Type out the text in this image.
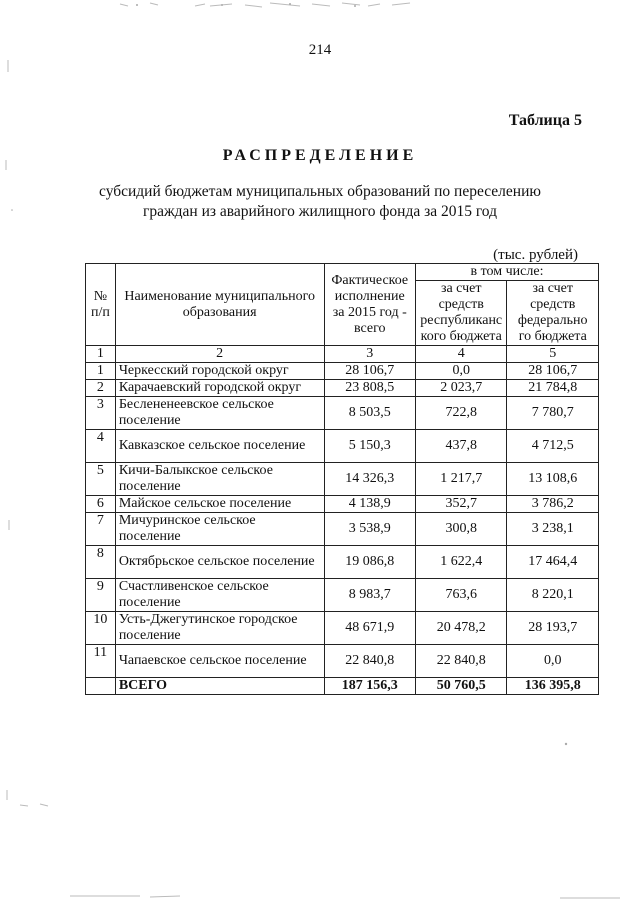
214
Таблица 5
РАСПРЕДЕЛЕНИЕ
субсидий бюджетам муниципальных образований по переселению
граждан из аварийного жилищного фонда за 2015 год
(тыс. рублей)
№ п/п	Наименование муниципального образования	Фактическое исполнение за 2015 год - всего	в том числе:	
			за счет средств республиканс кого бюджета	за счет средств федерально го бюджета
1	2	3	4	5
1	Черкесский городской округ	28 106,7	0,0	28 106,7
2	Карачаевский городской округ	23 808,5	2 023,7	21 784,8
3	Беслененеевское сельское поселение	8 503,5	722,8	7 780,7
4	Кавказское сельское поселение	5 150,3	437,8	4 712,5
5	Кичи-Балыкское сельское поселение	14 326,3	1 217,7	13 108,6
6	Майское сельское поселение	4 138,9	352,7	3 786,2
7	Мичуринское сельское поселение	3 538,9	300,8	3 238,1
8	Октябрьское сельское поселение	19 086,8	1 622,4	17 464,4
9	Счастливенское сельское поселение	8 983,7	763,6	8 220,1
10	Усть-Джегутинское городское поселение	48 671,9	20 478,2	28 193,7
11	Чапаевское сельское поселение	22 840,8	22 840,8	0,0
	ВСЕГО	187 156,3	50 760,5	136 395,8
